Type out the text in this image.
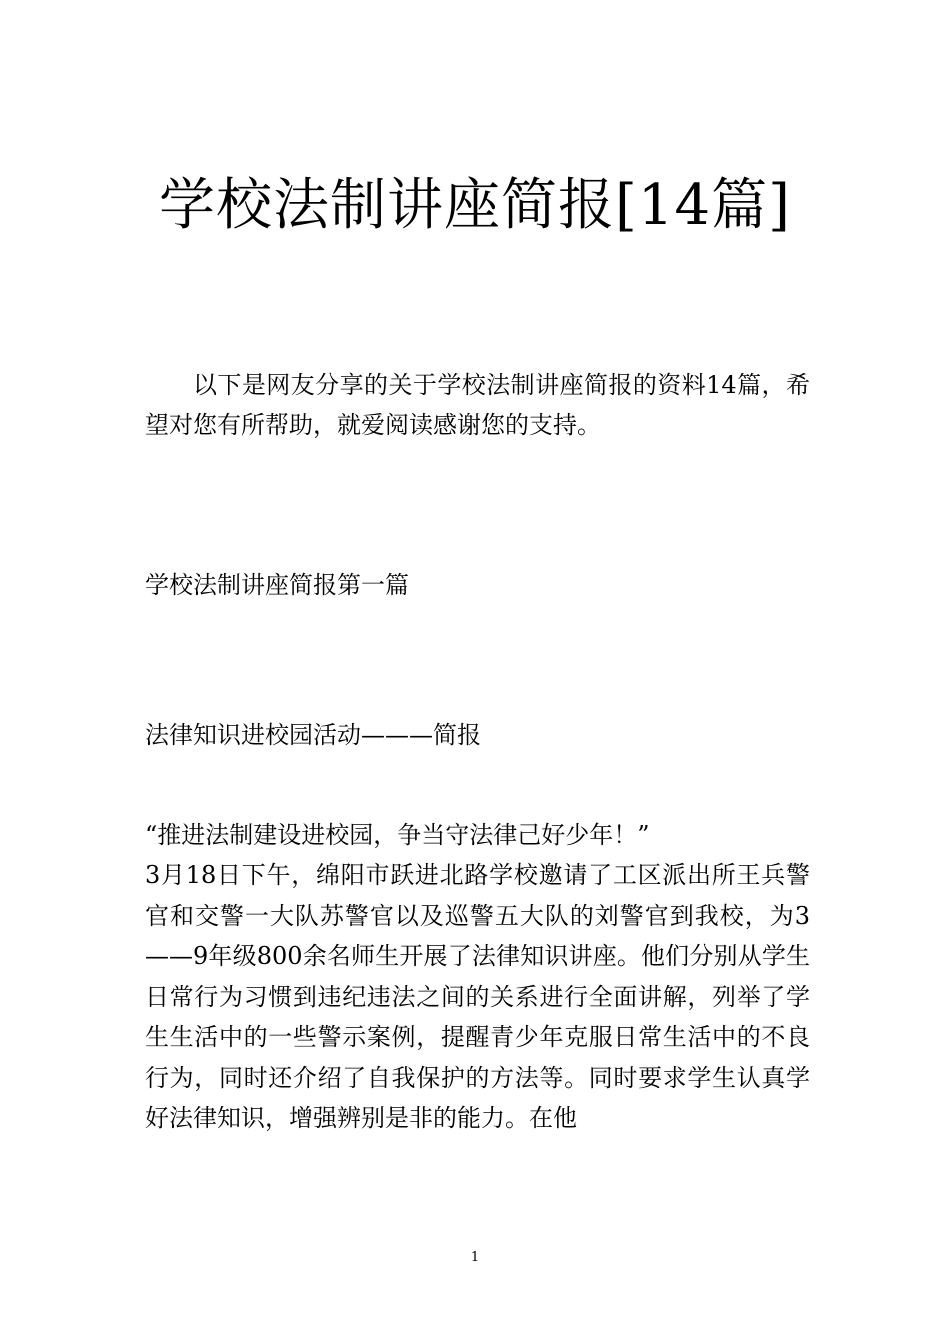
学校法制讲座简报[14篇]

以下是网友分享的关于学校法制讲座简报的资料14篇，希望对您有所帮助，就爱阅读感谢您的支持。

学校法制讲座简报第一篇
法律知识进校园活动———简报
“推进法制建设进校园，争当守法律己好少年！”

3月18日下午，绵阳市跃进北路学校邀请了工区派出所王兵警官和交警一大队苏警官以及巡警五大队的刘警官到我校，为3——9年级800余名师生开展了法律知识讲座。他们分别从学生日常行为习惯到违纪违法之间的关系进行全面讲解，列举了学生生活中的一些警示案例，提醒青少年克服日常生活中的不良行为，同时还介绍了自我保护的方法等。同时要求学生认真学好法律知识，增强辨别是非的能力。在他

1
